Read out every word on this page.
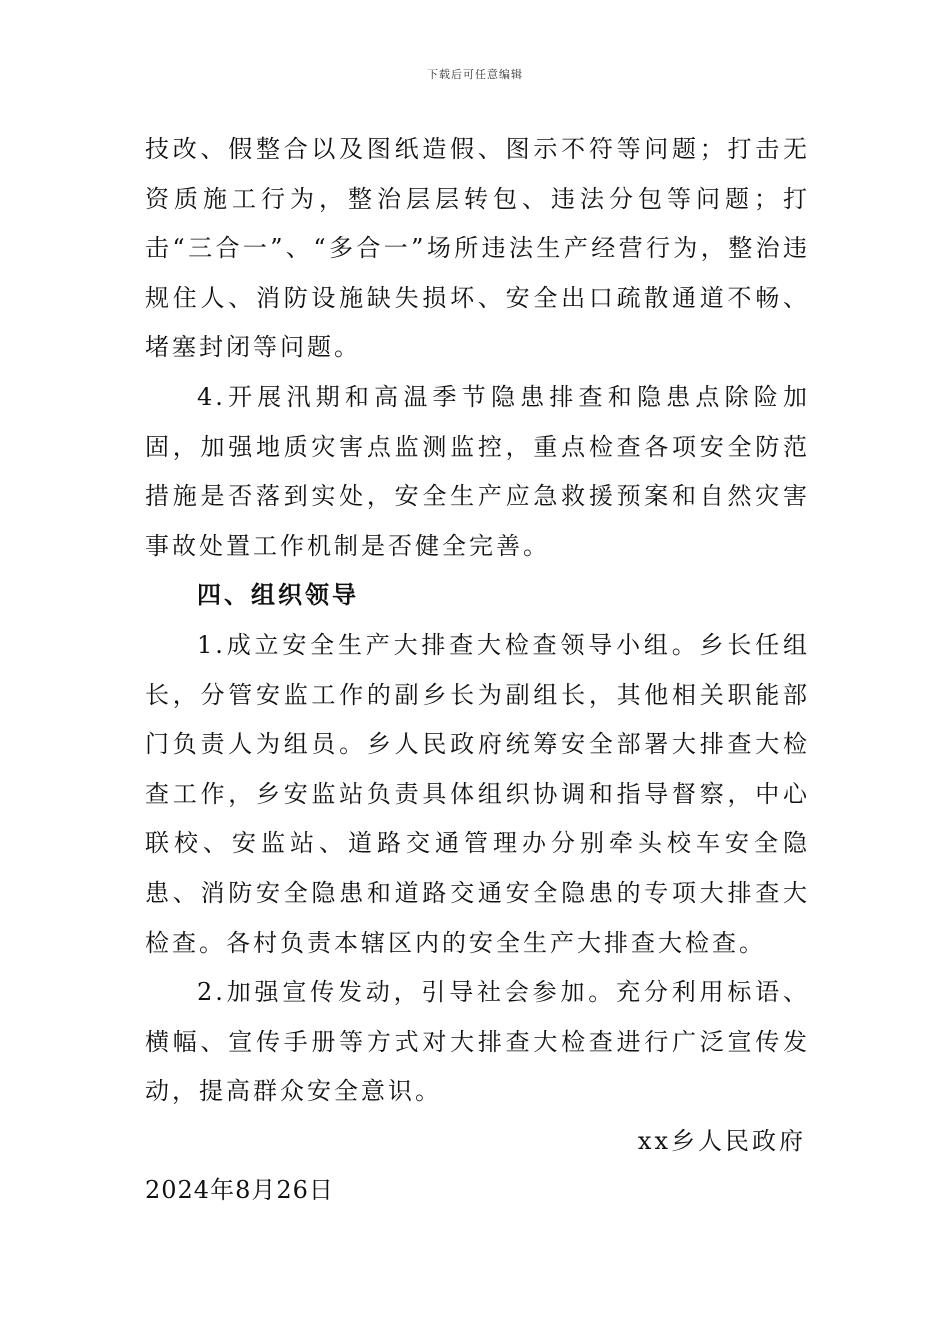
下载后可任意编辑

技改、假整合以及图纸造假、图示不符等问题；打击无资质施工行为，整治层层转包、违法分包等问题；打击“三合一”、“多合一”场所违法生产经营行为，整治违规住人、消防设施缺失损坏、安全出口疏散通道不畅、堵塞封闭等问题。

4.开展汛期和高温季节隐患排查和隐患点除险加固，加强地质灾害点监测监控，重点检查各项安全防范措施是否落到实处，安全生产应急救援预案和自然灾害事故处置工作机制是否健全完善。

四、组织领导

1.成立安全生产大排查大检查领导小组。乡长任组长，分管安监工作的副乡长为副组长，其他相关职能部门负责人为组员。乡人民政府统筹安全部署大排查大检查工作，乡安监站负责具体组织协调和指导督察，中心联校、安监站、道路交通管理办分别牵头校车安全隐患、消防安全隐患和道路交通安全隐患的专项大排查大检查。各村负责本辖区内的安全生产大排查大检查。

2.加强宣传发动，引导社会参加。充分利用标语、横幅、宣传手册等方式对大排查大检查进行广泛宣传发动，提高群众安全意识。

xx乡人民政府

2024年8月26日
